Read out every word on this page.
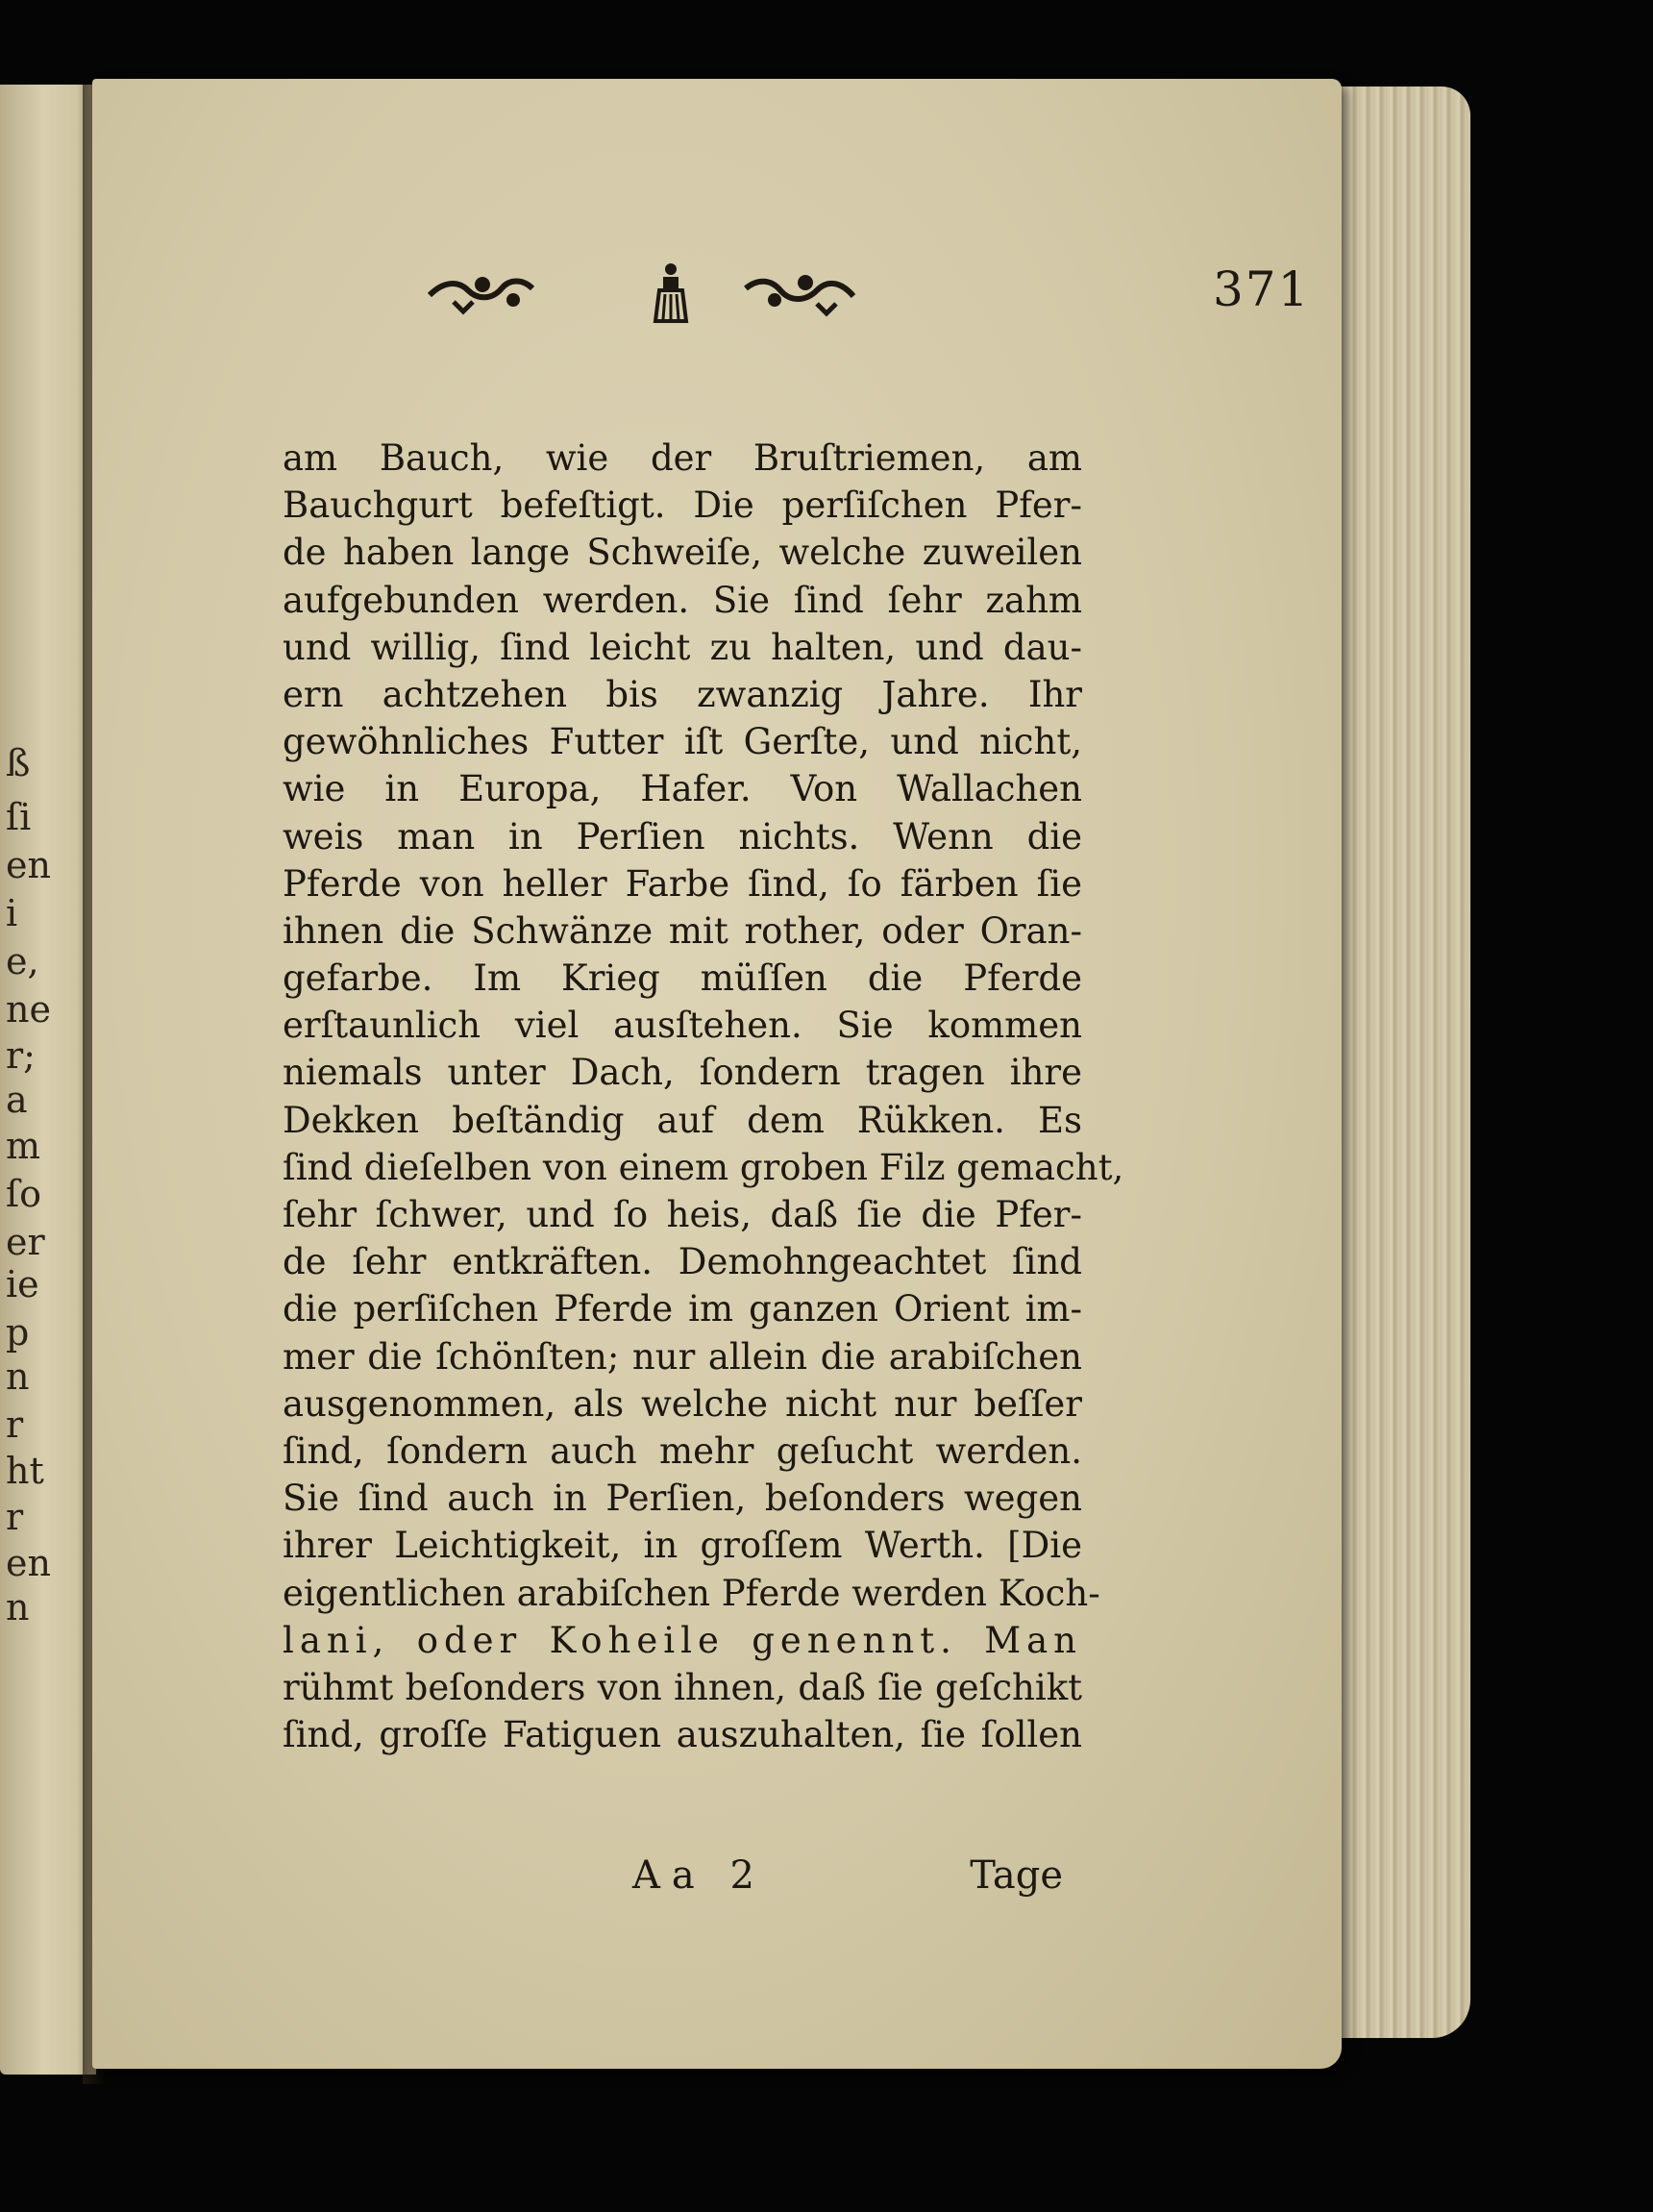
ß
ſi
en
i
e,
ne
r;
a
m
ſo
er
ie
p
n
r
ht
r
en
n
371
am Bauch, wie der Bruſtriemen, am
Bauchgurt befeſtigt. Die perſiſchen Pfer-
de haben lange Schweiſe, welche zuweilen
aufgebunden werden. Sie ſind ſehr zahm
und willig, ſind leicht zu halten, und dau-
ern achtzehen bis zwanzig Jahre. Ihr
gewöhnliches Futter iſt Gerſte, und nicht,
wie in Europa, Hafer. Von Wallachen
weis man in Perſien nichts. Wenn die
Pferde von heller Farbe ſind, ſo färben ſie
ihnen die Schwänze mit rother, oder Oran-
gefarbe. Im Krieg müſſen die Pferde
erſtaunlich viel ausſtehen. Sie kommen
niemals unter Dach, ſondern tragen ihre
Dekken beſtändig auf dem Rükken. Es
ſind dieſelben von einem groben Filz gemacht,
ſehr ſchwer, und ſo heis, daß ſie die Pfer-
de ſehr entkräften. Demohngeachtet ſind
die perſiſchen Pferde im ganzen Orient im-
mer die ſchönſten; nur allein die arabiſchen
ausgenommen, als welche nicht nur beſſer
ſind, ſondern auch mehr geſucht werden.
Sie ſind auch in Perſien, beſonders wegen
ihrer Leichtigkeit, in groſſem Werth. [Die
eigentlichen arabiſchen Pferde werden Koch-
lani, oder Koheile genennt. Man
rühmt beſonders von ihnen, daß ſie geſchikt
ſind, groſſe Fatiguen auszuhalten, ſie ſollen
Aa 2	Tage
